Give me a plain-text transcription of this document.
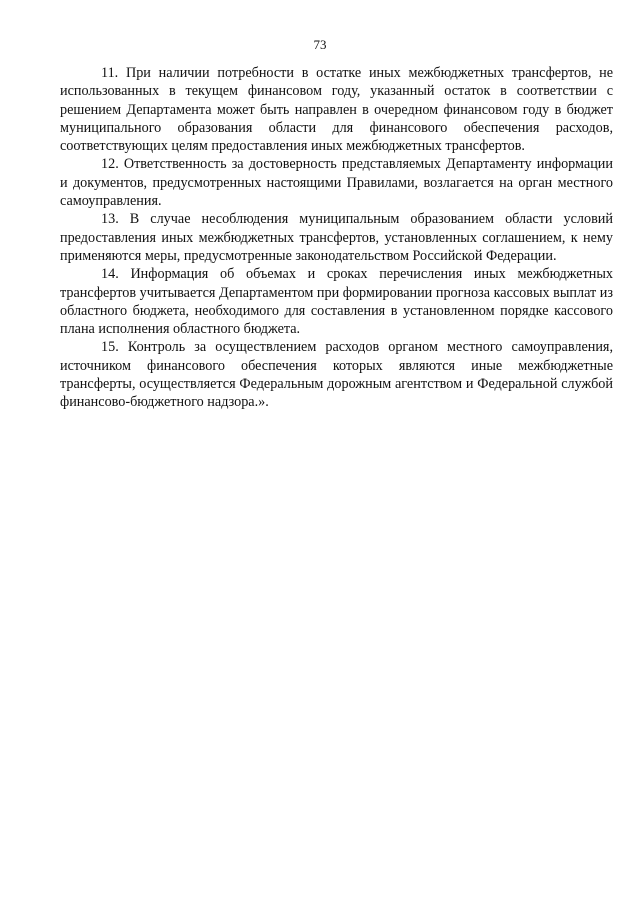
73

11. При наличии потребности в остатке иных межбюджетных трансфертов, не использованных в текущем финансовом году, указанный остаток в соответствии с решением Департамента может быть направлен в очередном финансовом году в бюджет муниципального образования области для финансового обеспечения расходов, соответствующих целям предоставления иных межбюджетных трансфертов.

12. Ответственность за достоверность представляемых Департаменту информации и документов, предусмотренных настоящими Правилами, возлагается на орган местного самоуправления.

13. В случае несоблюдения муниципальным образованием области условий предоставления иных межбюджетных трансфертов, установленных соглашением, к нему применяются меры, предусмотренные законодательством Российской Федерации.

14. Информация об объемах и сроках перечисления иных межбюджетных трансфертов учитывается Департаментом при формировании прогноза кассовых выплат из областного бюджета, необходимого для составления в установленном порядке кассового плана исполнения областного бюджета.

15. Контроль за осуществлением расходов органом местного самоуправления, источником финансового обеспечения которых являются иные межбюджетные трансферты, осуществляется Федеральным дорожным агентством и Федеральной службой финансово-бюджетного надзора.».
